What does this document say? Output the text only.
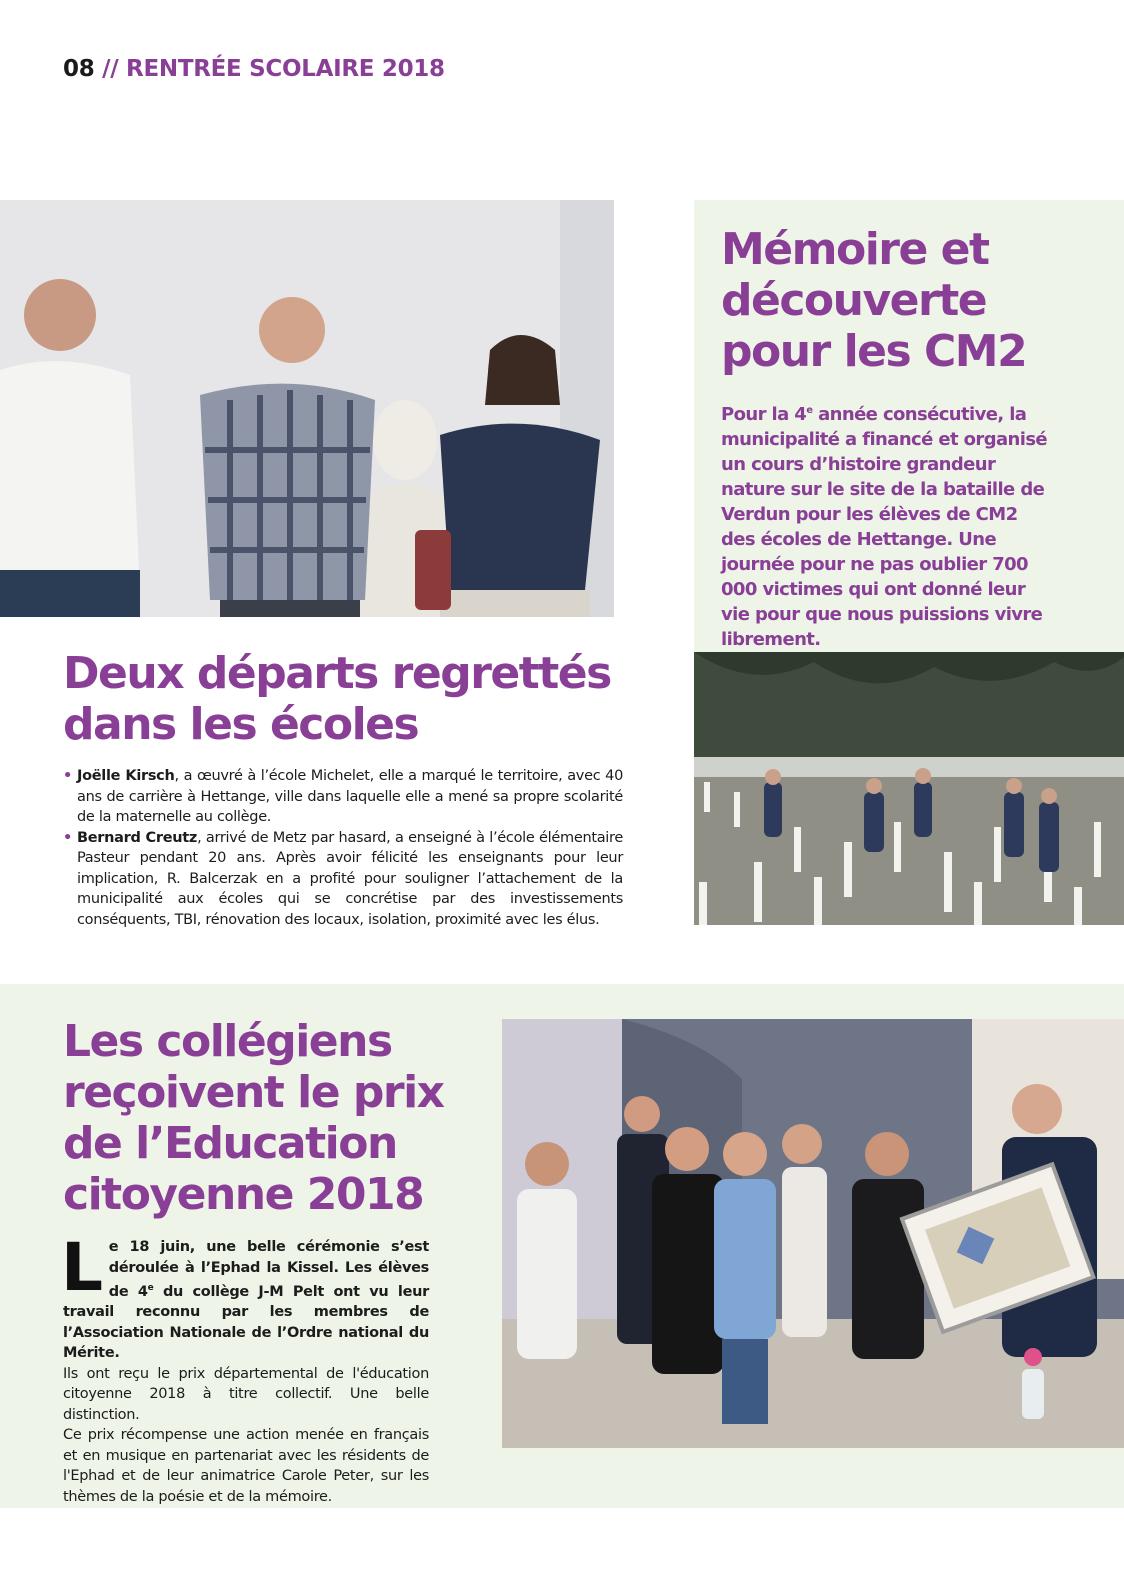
08 // RENTRÉE SCOLAIRE 2018
Mémoire et
découverte
pour les CM2

Pour la 4e année consécutive, la municipalité a financé et organisé un cours d’histoire grandeur nature sur le site de la bataille de Verdun pour les élèves de CM2 des écoles de Hettange. Une journée pour ne pas oublier 700 000 victimes qui ont donné leur vie pour que nous puissions vivre librement.

Deux départs regrettés
dans les écoles
• Joëlle Kirsch, a œuvré à l’école Michelet, elle a marqué le territoire, avec 40 ans de carrière à Hettange, ville dans laquelle elle a mené sa propre scolarité de la maternelle au collège.
• Bernard Creutz, arrivé de Metz par hasard, a enseigné à l’école élémentaire Pasteur pendant 20 ans. Après avoir félicité les enseignants pour leur implication, R. Balcerzak en a profité pour souligner l’attachement de la municipalité aux écoles qui se concrétise par des investissements conséquents, TBI, rénovation des locaux, isolation, proximité avec les élus.
Les collégiens
reçoivent le prix
de l’Education
citoyenne 2018

Le 18 juin, une belle cérémonie s’est déroulée à l’Ephad la Kissel. Les élèves de 4e du collège J-M Pelt ont vu leur travail reconnu par les membres de l’Association Nationale de l’Ordre national du Mérite.

Ils ont reçu le prix départemental de l'éducation citoyenne 2018 à titre collectif. Une belle distinction.

Ce prix récompense une action menée en français et en musique en partenariat avec les résidents de l'Ephad et de leur animatrice Carole Peter, sur les thèmes de la poésie et de la mémoire.
